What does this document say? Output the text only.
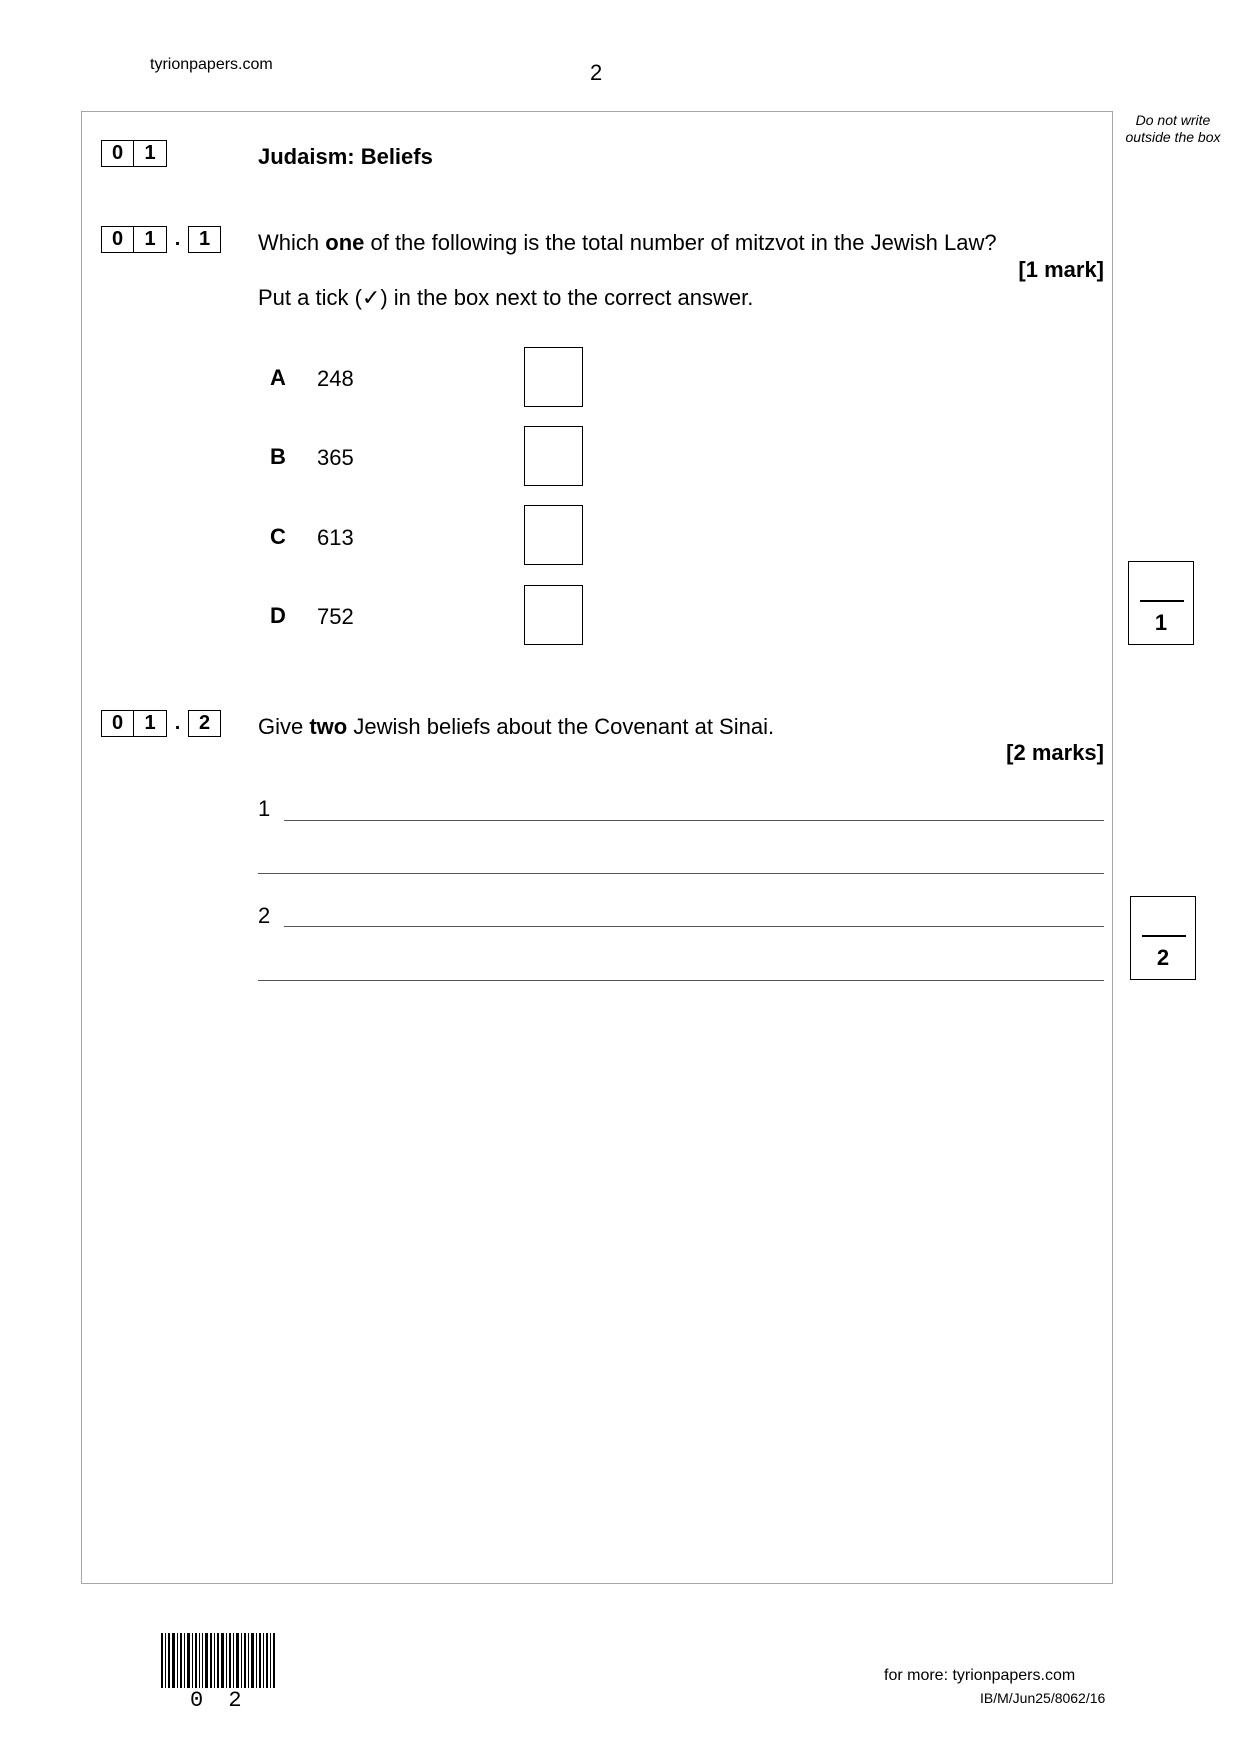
tyrionpapers.com	2
Do not write outside the box
0	1	Judaism: Beliefs
0	1 . 1	Which one of the following is the total number of mitzvot in the Jewish Law?
[1 mark]
Put a tick (✓) in the box next to the correct answer.
A	248
B	365
C	613
D	752	1
0	1 . 2	Give two Jewish beliefs about the Covenant at Sinai.
[2 marks]
1
2
2
0 2
for more: tyrionpapers.com
IB/M/Jun25/8062/16
